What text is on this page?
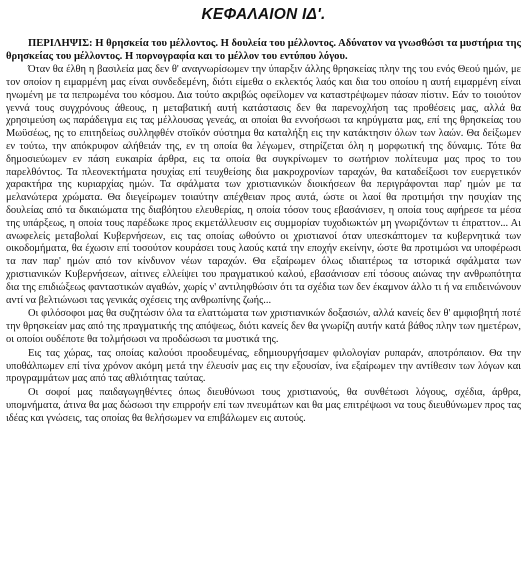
ΚΕΦΑΛΑΙΟΝ ΙΔ'.

ΠΕΡΙΛΗΨΙΣ: Η θρησκεία του μέλλοντος. Η δουλεία του μέλλοντος. Αδύνατον να γνωσθώσι τα μυστήρια της θρησκείας του μέλλοντος. Η πορνογραφία και το μέλλον του εντύπου λόγου.

Όταν θα έλθη η βασιλεία μας δεν θ' αναγνωρίσωμεν την ύπαρξιν άλλης θρησκείας πλην της του ενός Θεού ημών, με τον οποίον η ειμαρμένη μας είναι συνδεδεμένη, διότι είμεθα ο εκλεκτός λαός και δια του οποίου η αυτή ειμαρμένη είναι ηνωμένη με τα πεπρωμένα του κόσμου. Δια τούτο ακριβώς οφείλομεν να καταστρέψωμεν πάσαν πίστιν. Εάν το τοιούτον γεννά τους συγχρόνους άθεους, η μεταβατική αυτή κατάστασις δεν θα παρενοχλήση τας προθέσεις μας, αλλά θα χρησιμεύση ως παράδειγμα εις τας μέλλουσας γενεάς, αι οποίαι θα εννοήσωσι τα κηρύγματα μας, επί της θρησκείας του Μωϋσέως, ης το επιτηδείως συλληφθέν στοϊκόν σύστημα θα καταλήξη εις την κατάκτησιν όλων των λαών. Θα δείξωμεν εν τούτω, την απόκρυφον αλήθειάν της, εν τη οποία θα λέγωμεν, στηρίζεται όλη η μορφωτική της δύναμις. Τότε θα δημοσιεύωμεν εν πάση ευκαιρία άρθρα, εις τα οποία θα συγκρίνωμεν το σωτήριον πολίτευμα μας προς το του παρελθόντος. Τα πλεονεκτήματα ησυχίας επί τευχθείσης δια μακροχρονίων ταραχών, θα καταδείξωσι τον ευεργετικόν χαρακτήρα της κυριαρχίας ημών. Τα σφάλματα των χριστιανικών διοικήσεων θα περιγράφονται παρ' ημών με τα μελανώτερα χρώματα. Θα διεγείρωμεν τοιαύτην απέχθειαν προς αυτά, ώστε οι λαοί θα προτιμήσι την ησυχίαν της δουλείας από τα δικαιώματα της διαβόητου ελευθερίας, η οποία τόσον τους εβασάνισεν, η οποία τους αφήρεσε τα μέσα της υπάρξεως, η οποία τους παρέδωκε προς εκμετάλλευσιν εις συμμορίαν τυχοδιωκτών μη γνωριζόντων τι έπραττον... Αι ανωφελείς μεταβολαί Κυβερνήσεων, εις τας οποίας ωθούντο οι χριστιανοί όταν υπεσκάπτομεν τα κυβερνητικά των οικοδομήματα, θα έχωσιν επί τοσούτον κουράσει τους λαούς κατά την εποχήν εκείνην, ώστε θα προτιμώσι να υποφέρωσι τα παν παρ' ημών από τον κίνδυνον νέων ταραχών. Θα εξαίρωμεν όλως ιδιαιτέρως τα ιστορικά σφάλματα των χριστιανικών Κυβερνήσεων, αίτινες ελλείψει του πραγματικού καλού, εβασάνισαν επί τόσους αιώνας την ανθρωπότητα δια της επιδιώξεως φανταστικών αγαθών, χωρίς ν' αντιληφθώσιν ότι τα σχέδια των δεν έκαμνον άλλο τι ή να επιδεινώνουν αντί να βελτιώνωσι τας γενικάς σχέσεις της ανθρωπίνης ζωής...

Οι φιλόσοφοι μας θα συζητώσιν όλα τα ελαττώματα των χριστιανικών δοξασιών, αλλά κανείς δεν θ' αμφισβητή ποτέ την θρησκείαν μας από της πραγματικής της απόψεως, διότι κανείς δεν θα γνωρίζη αυτήν κατά βάθος πλην των ημετέρων, οι οποίοι ουδέποτε θα τολμήσωσι να προδώσωσι τα μυστικά της.

Εις τας χώρας, τας οποίας καλούσι προοδευμένας, εδημιουργήσαμεν φιλολογίαν ρυπαράν, αποτρόπαιον. Θα την υποθάλπωμεν επί τίνα χρόνον ακόμη μετά την έλευσίν μας εις την εξουσίαν, ίνα εξαίρωμεν την αντίθεσιν των λόγων και προγραμμάτων μας από τας αθλιότητας ταύτας.

Οι σοφοί μας παιδαγωγηθέντες όπως διευθύνωσι τους χριστιανούς, θα συνθέτωσι λόγους, σχέδια, άρθρα, υπομνήματα, άτινα θα μας δώσωσι την επιρροήν επί των πνευμάτων και θα μας επιτρέψωσι να τους διευθύνωμεν προς τας ιδέας και γνώσεις, τας οποίας θα θελήσωμεν να επιβάλωμεν εις αυτούς.
